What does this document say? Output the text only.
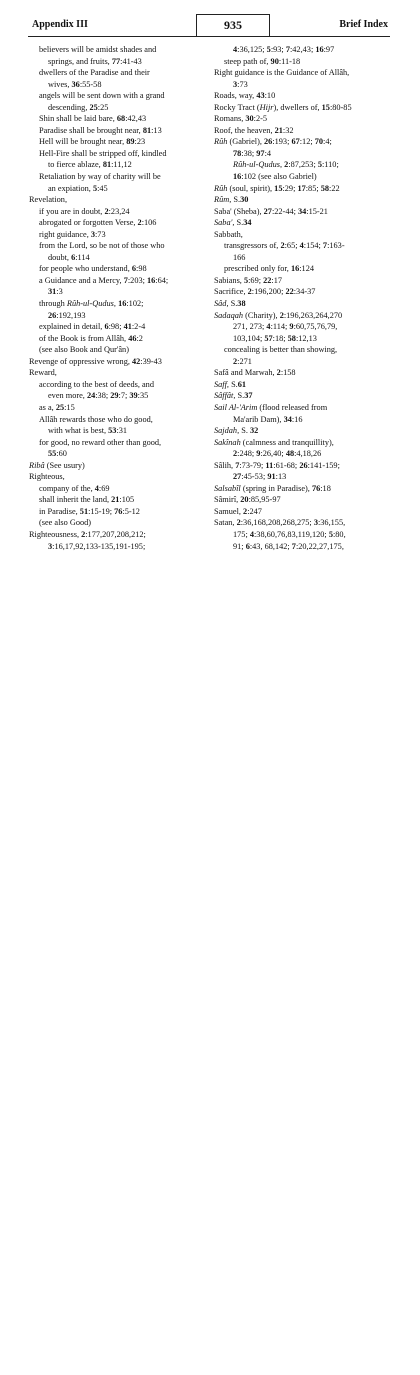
Appendix III	935	Brief Index
believers will be amidst shades and
springs, and fruits, 77:41-43
dwellers of the Paradise and their
wives, 36:55-58
angels will be sent down with a grand
descending, 25:25
Shin shall be laid bare, 68:42,43
Paradise shall be brought near, 81:13
Hell will be brought near, 89:23
Hell-Fire shall be stripped off, kindled
to fierce ablaze, 81:11,12
Retaliation by way of charity will be
an expiation, 5:45
Revelation,
if you are in doubt, 2:23,24
abrogated or forgotten Verse, 2:106
right guidance, 3:73
from the Lord, so be not of those who
doubt, 6:114
for people who understand, 6:98
a Guidance and a Mercy, 7:203; 16:64;
31:3
through Rûh-ul-Qudus, 16:102;
26:192,193
explained in detail, 6:98; 41:2-4
of the Book is from Allâh, 46:2
(see also Book and Qur'ân)
Revenge of oppressive wrong, 42:39-43
Reward,
according to the best of deeds, and
even more, 24:38; 29:7; 39:35
as a, 25:15
Allâh rewards those who do good,
with what is best, 53:31
for good, no reward other than good,
55:60
Ribâ (See usury)
Righteous,
company of the, 4:69
shall inherit the land, 21:105
in Paradise, 51:15-19; 76:5-12
(see also Good)
Righteousness, 2:177,207,208,212;
3:16,17,92,133-135,191-195;
4:36,125; 5:93; 7:42,43; 16:97
steep path of, 90:11-18
Right guidance is the Guidance of Allâh,
3:73
Roads, way, 43:10
Rocky Tract (Hijr), dwellers of, 15:80-85
Romans, 30:2-5
Roof, the heaven, 21:32
Rûh (Gabriel), 26:193; 67:12; 70:4;
78:38; 97:4
Rûh-ul-Qudus, 2:87,253; 5:110;
16:102 (see also Gabriel)
Rûh (soul, spirit), 15:29; 17:85; 58:22
Rûm, S.30
Saba' (Sheba), 27:22-44; 34:15-21
Saba', S.34
Sabbath,
transgressors of, 2:65; 4:154; 7:163-
166
prescribed only for, 16:124
Sabians, 5:69; 22:17
Sacrifice, 2:196,200; 22:34-37
Sâd, S.38
Sadaqah (Charity), 2:196,263,264,270
271, 273; 4:114; 9:60,75,76,79,
103,104; 57:18; 58:12,13
concealing is better than showing,
2:271
Safâ and Marwah, 2:158
Saff, S.61
Sâffât, S.37
Sail Al-'Arim (flood released from
Ma'arib Dam), 34:16
Sajdah, S. 32
Sakînah (calmness and tranquillity),
2:248; 9:26,40; 48:4,18,26
Sâlih, 7:73-79; 11:61-68; 26:141-159;
27:45-53; 91:13
Salsabîl (spring in Paradise), 76:18
Sâmirî, 20:85,95-97
Samuel, 2:247
Satan, 2:36,168,208,268,275; 3:36,155,
175; 4:38,60,76,83,119,120; 5:80,
91; 6:43, 68,142; 7:20,22,27,175,
